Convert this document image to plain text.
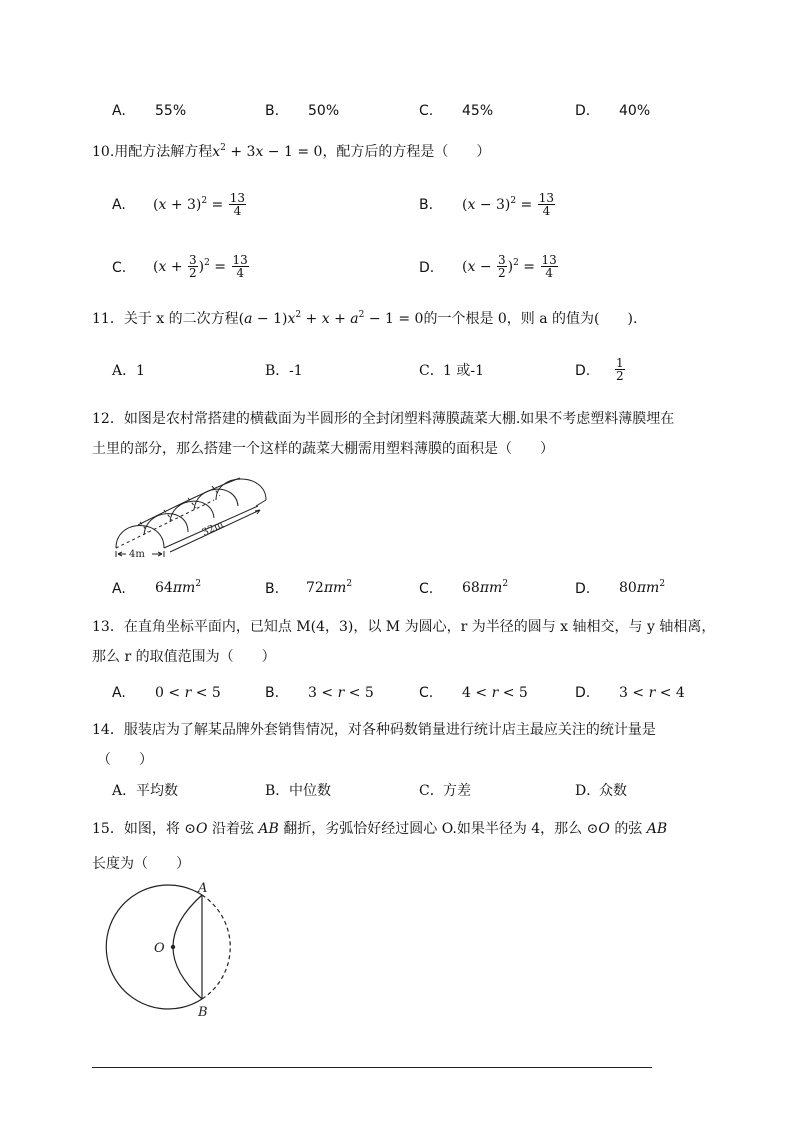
A. 55%	B. 50%	C. 45%	D. 40%
10.用配方法解方程$x^2 + 3x - 1 = 0$，配方后的方程是（　　）
A. $(x + 3)^2 = \frac{13}{4}$	B. $(x - 3)^2 = \frac{13}{4}$
C. $(x + \frac{3}{2} )^2 = \frac{13}{4}$	D. $(x - \frac{3}{2} )^2 = \frac{13}{4}$
11．关于 x 的二次方程$(a - 1)x^2 + x + a^2 - 1 = 0$的一个根是 0，则 a 的值为(　　).
A． 1	B． -1	C． 1 或-1	D. $\frac{1}{2}$
12．如图是农村常搭建的横截面为半圆形的全封闭塑料薄膜蔬菜大棚.如果不考虑塑料薄膜埋在
土里的部分，那么搭建一个这样的蔬菜大棚需用塑料薄膜的面积是（　　）
4m
32m
A. $64\pi m^2$	B. $72\pi m^2$	C. $68\pi m^2$	D. $80\pi m^2$
13．在直角坐标平面内，已知点 M(4，3)，以 M 为圆心，r 为半径的圆与 x 轴相交，与 y 轴相离，
那么 r 的取值范围为（　　）
A. 0 < r < 5	B. 3 < r < 5	C. 4 < r < 5	D. 3 < r < 4
14．服装店为了解某品牌外套销售情况，对各种码数销量进行统计店主最应关注的统计量是
（　　）
A． 平均数	B． 中位数	C． 方差	D．
众数
15．如图，将 ⊙O 沿着弦 AB 翻折，劣弧恰好经过圆心 O.如果半径为 4，那么 ⊙O 的弦 AB
长度为（　　）
A
B
O
